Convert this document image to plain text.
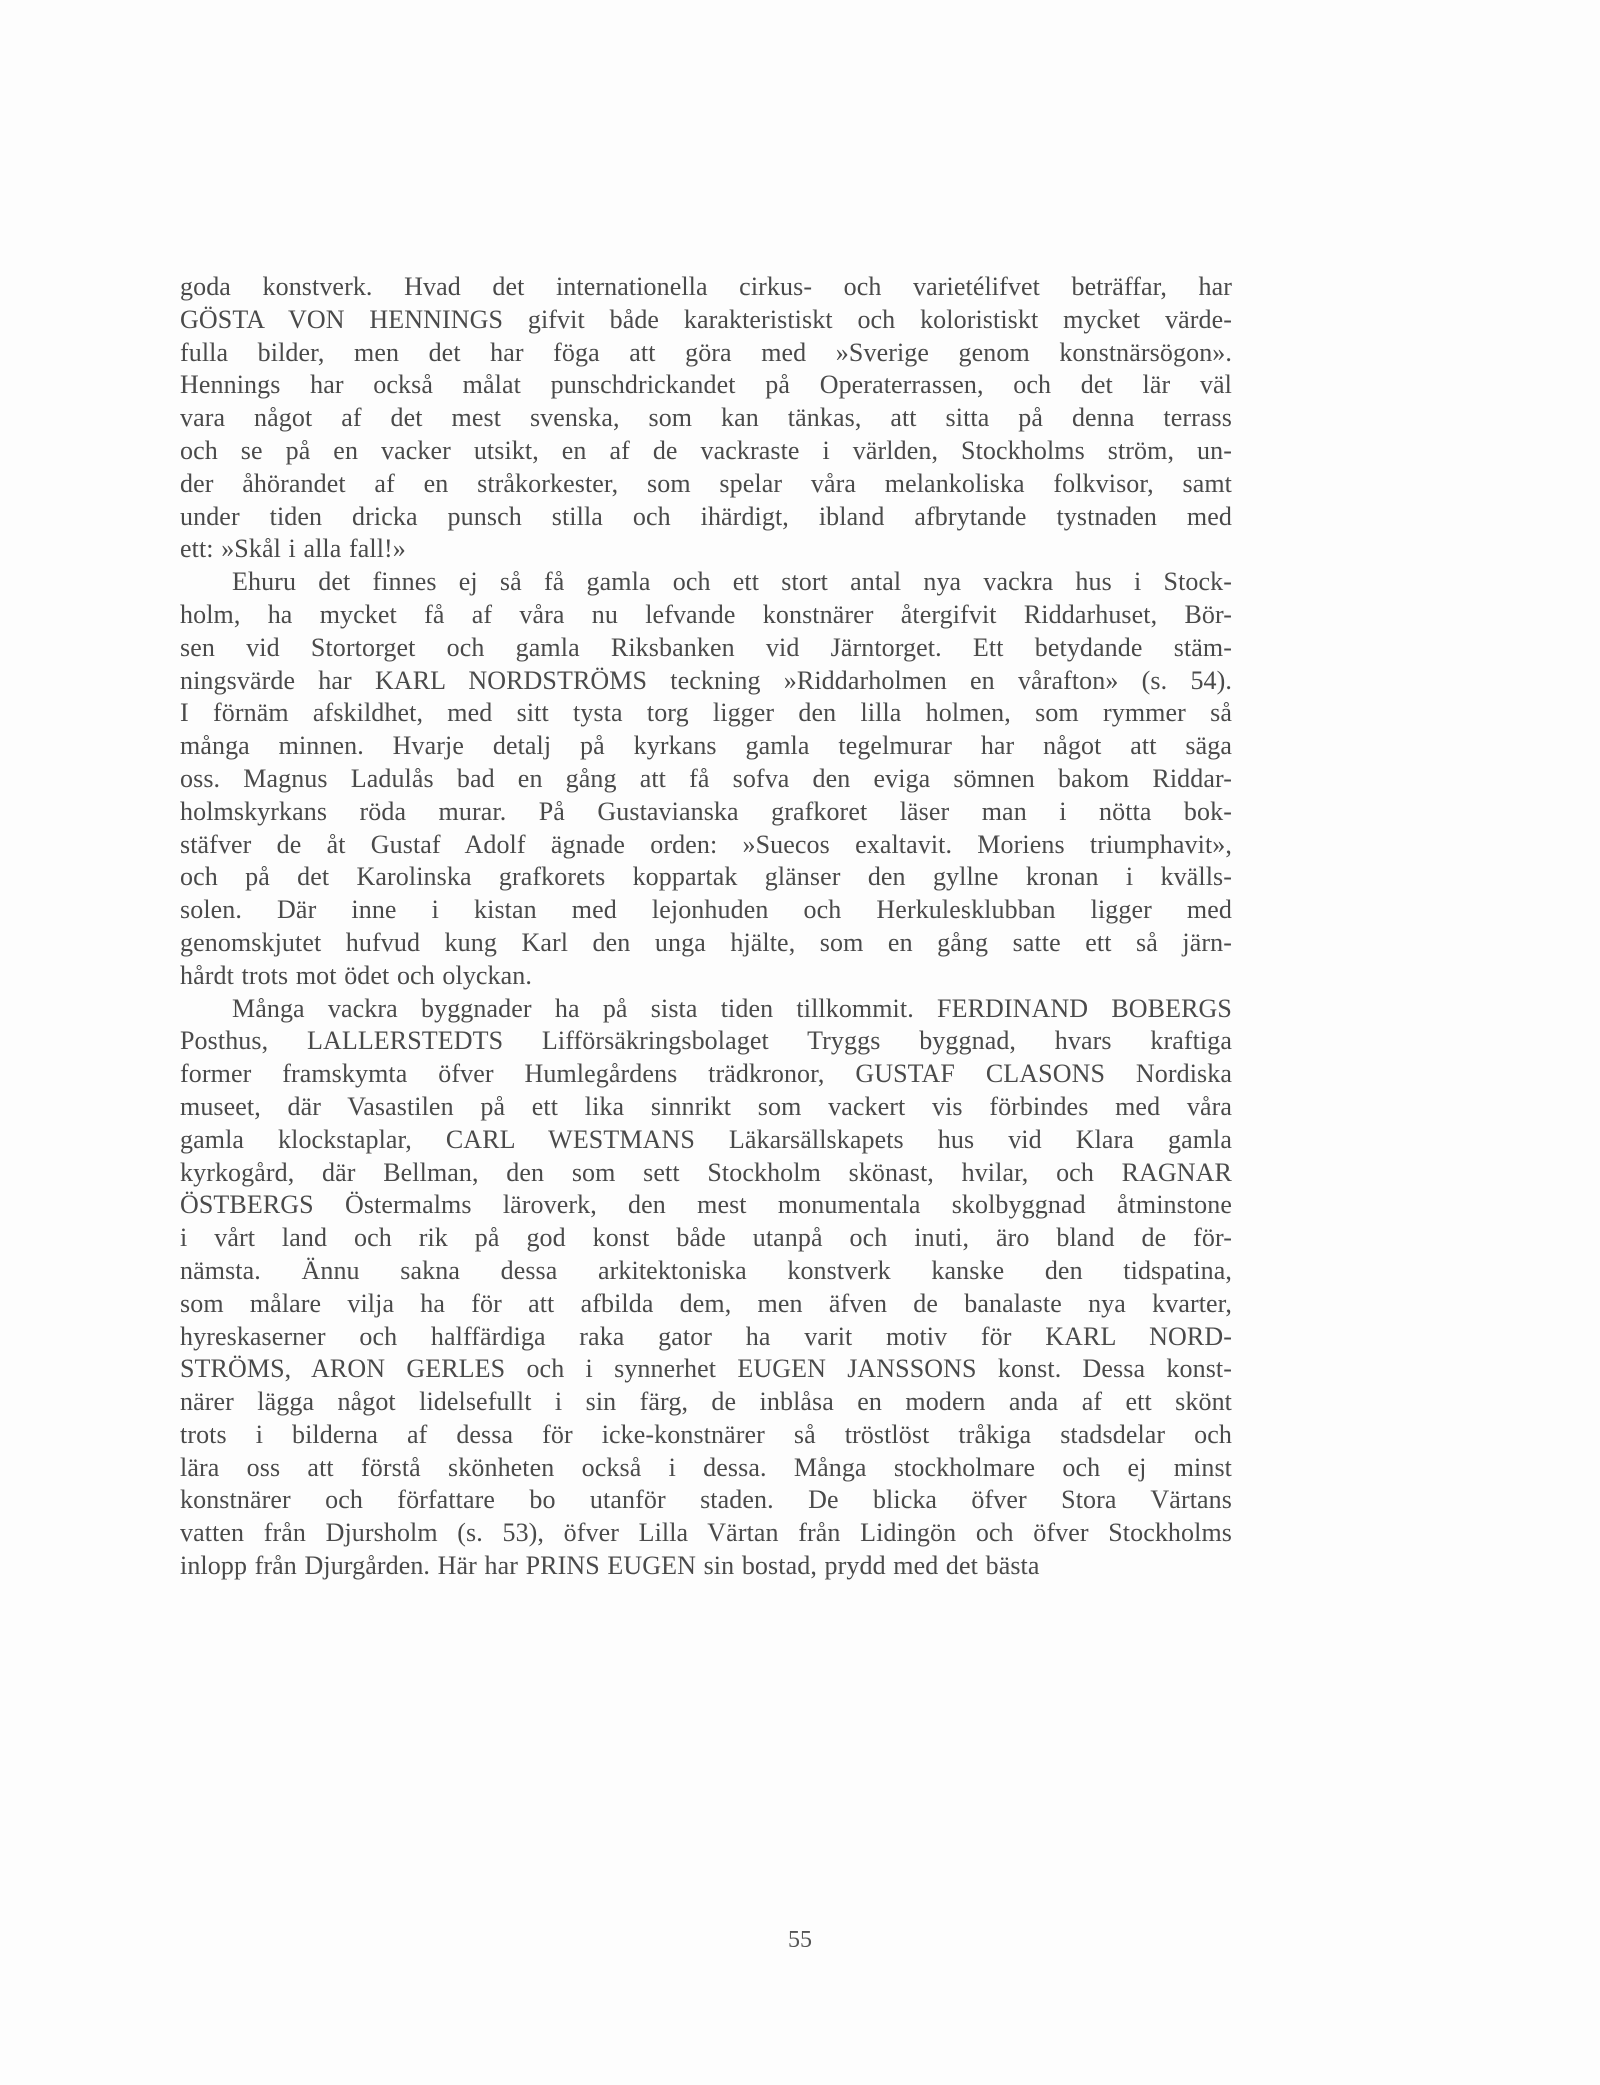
goda konstverk. Hvad det internationella cirkus- och varietélifvet beträffar, har
GÖSTA VON HENNINGS gifvit både karakteristiskt och koloristiskt mycket värde-
fulla bilder, men det har föga att göra med »Sverige genom konstnärsögon».
Hennings har också målat punschdrickandet på Operaterrassen, och det lär väl
vara något af det mest svenska, som kan tänkas, att sitta på denna terrass
och se på en vacker utsikt, en af de vackraste i världen, Stockholms ström, un-
der åhörandet af en stråkorkester, som spelar våra melankoliska folkvisor, samt
under tiden dricka punsch stilla och ihärdigt, ibland afbrytande tystnaden med
ett: »Skål i alla fall!»
Ehuru det finnes ej så få gamla och ett stort antal nya vackra hus i Stock-
holm, ha mycket få af våra nu lefvande konstnärer återgifvit Riddarhuset, Bör-
sen vid Stortorget och gamla Riksbanken vid Järntorget. Ett betydande stäm-
ningsvärde har KARL NORDSTRÖMS teckning »Riddarholmen en vårafton» (s. 54).
I förnäm afskildhet, med sitt tysta torg ligger den lilla holmen, som rymmer så
många minnen. Hvarje detalj på kyrkans gamla tegelmurar har något att säga
oss. Magnus Ladulås bad en gång att få sofva den eviga sömnen bakom Riddar-
holmskyrkans röda murar. På Gustavianska grafkoret läser man i nötta bok-
stäfver de åt Gustaf Adolf ägnade orden: »Suecos exaltavit. Moriens triumphavit»,
och på det Karolinska grafkorets koppartak glänser den gyllne kronan i kvälls-
solen. Där inne i kistan med lejonhuden och Herkulesklubban ligger med
genomskjutet hufvud kung Karl den unga hjälte, som en gång satte ett så järn-
hårdt trots mot ödet och olyckan.
Många vackra byggnader ha på sista tiden tillkommit. FERDINAND BOBERGS
Posthus, LALLERSTEDTS Lifförsäkringsbolaget Tryggs byggnad, hvars kraftiga
former framskymta öfver Humlegårdens trädkronor, GUSTAF CLASONS Nordiska
museet, där Vasastilen på ett lika sinnrikt som vackert vis förbindes med våra
gamla klockstaplar, CARL WESTMANS Läkarsällskapets hus vid Klara gamla
kyrkogård, där Bellman, den som sett Stockholm skönast, hvilar, och RAGNAR
ÖSTBERGS Östermalms läroverk, den mest monumentala skolbyggnad åtminstone
i vårt land och rik på god konst både utanpå och inuti, äro bland de för-
nämsta. Ännu sakna dessa arkitektoniska konstverk kanske den tidspatina,
som målare vilja ha för att afbilda dem, men äfven de banalaste nya kvarter,
hyreskaserner och halffärdiga raka gator ha varit motiv för KARL NORD-
STRÖMS, ARON GERLES och i synnerhet EUGEN JANSSONS konst. Dessa konst-
närer lägga något lidelsefullt i sin färg, de inblåsa en modern anda af ett skönt
trots i bilderna af dessa för icke-konstnärer så tröstlöst tråkiga stadsdelar och
lära oss att förstå skönheten också i dessa. Många stockholmare och ej minst
konstnärer och författare bo utanför staden. De blicka öfver Stora Värtans
vatten från Djursholm (s. 53), öfver Lilla Värtan från Lidingön och öfver Stockholms
inlopp från Djurgården. Här har PRINS EUGEN sin bostad, prydd med det bästa
55
